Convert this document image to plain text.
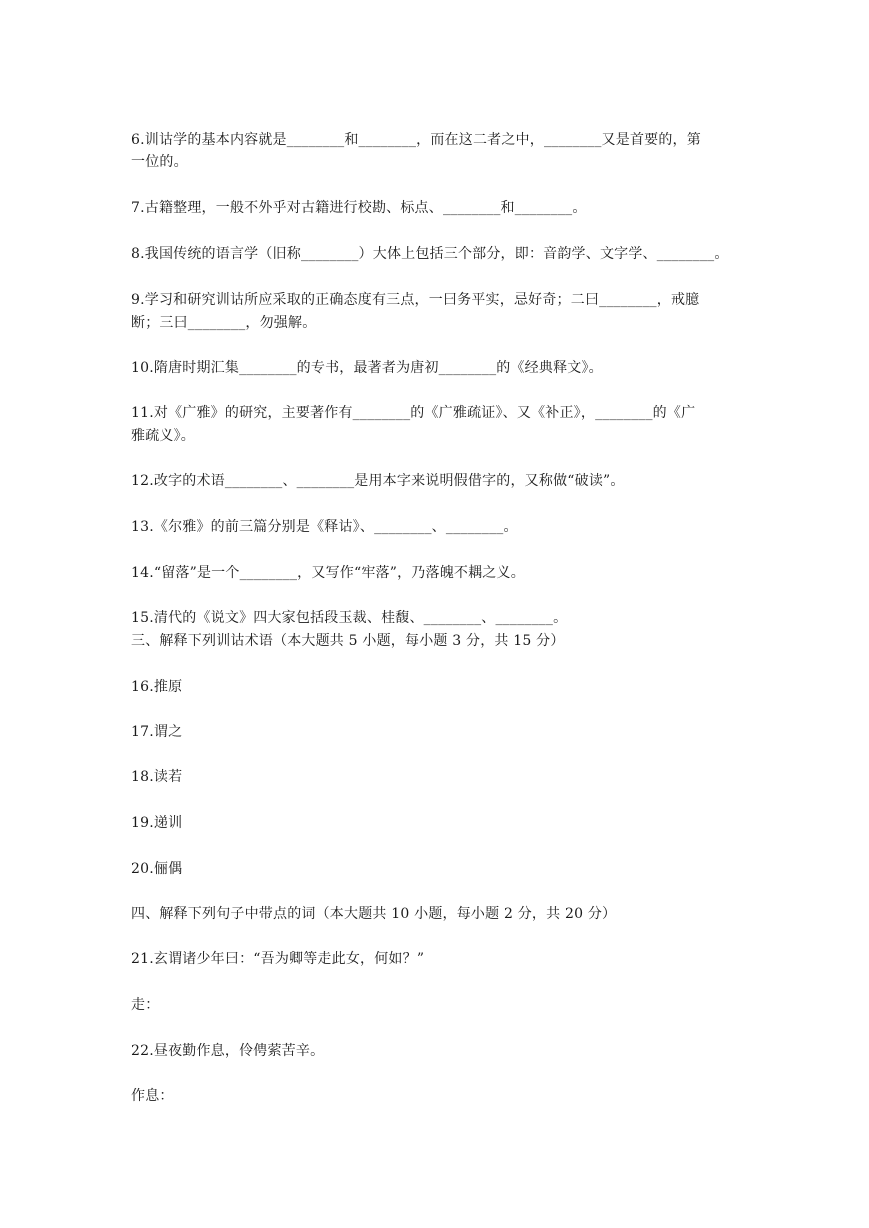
6.训诂学的基本内容就是________和________，而在这二者之中，________又是首要的，第
一位的。
7.古籍整理，一般不外乎对古籍进行校勘、标点、________和________。
8.我国传统的语言学（旧称________）大体上包括三个部分，即：音韵学、文字学、________。
9.学习和研究训诂所应采取的正确态度有三点，一曰务平实，忌好奇；二曰________，戒臆
断；三曰________，勿强解。
10.隋唐时期汇集________的专书，最著者为唐初________的《经典释文》。
11.对《广雅》的研究，主要著作有________的《广雅疏证》、又《补正》，________的《广
雅疏义》。
12.改字的术语________、________是用本字来说明假借字的，又称做“破读”。
13.《尔雅》的前三篇分别是《释诂》、________、________。
14.“留落”是一个________，又写作“牢落”，乃落魄不耦之义。
15.清代的《说文》四大家包括段玉裁、桂馥、________、________。
三、解释下列训诂术语（本大题共 5 小题，每小题 3 分，共 15 分）
16.推原
17.谓之
18.读若
19.递训
20.俪偶
四、解释下列句子中带点的词（本大题共 10 小题，每小题 2 分，共 20 分）
21.玄谓诸少年曰：“吾为卿等走此女，何如？”
走：
22.昼夜勤作息，伶俜萦苦辛。
作息：
